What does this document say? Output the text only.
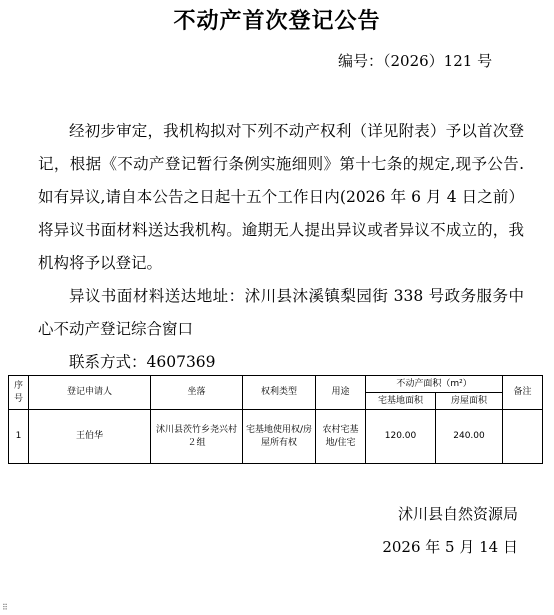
不动产首次登记公告
编号：（2026）121 号
经初步审定，我机构拟对下列不动产权利（详见附表）予以首次登记，根据《不动产登记暂行条例实施细则》第十七条的规定,现予公告.如有异议,请自本公告之日起十五个工作日内(2026 年 6 月 4 日之前）将异议书面材料送达我机构。逾期无人提出异议或者异议不成立的，我机构将予以登记。
异议书面材料送达地址：沭川县沐溪镇梨园街 338 号政务服务中心不动产登记综合窗口
联系方式：4607369
序号	登记申请人	坐落	权利类型	用途	不动产面积（m²）		备注
					宅基地面积	房屋面积	
1	王伯华	沭川县茨竹乡尧兴村２组	宅基地使用权/房屋所有权	农村宅基地/住宅	120.00	240.00	
沭川县自然资源局
2026 年 5 月 14 日
⠿
